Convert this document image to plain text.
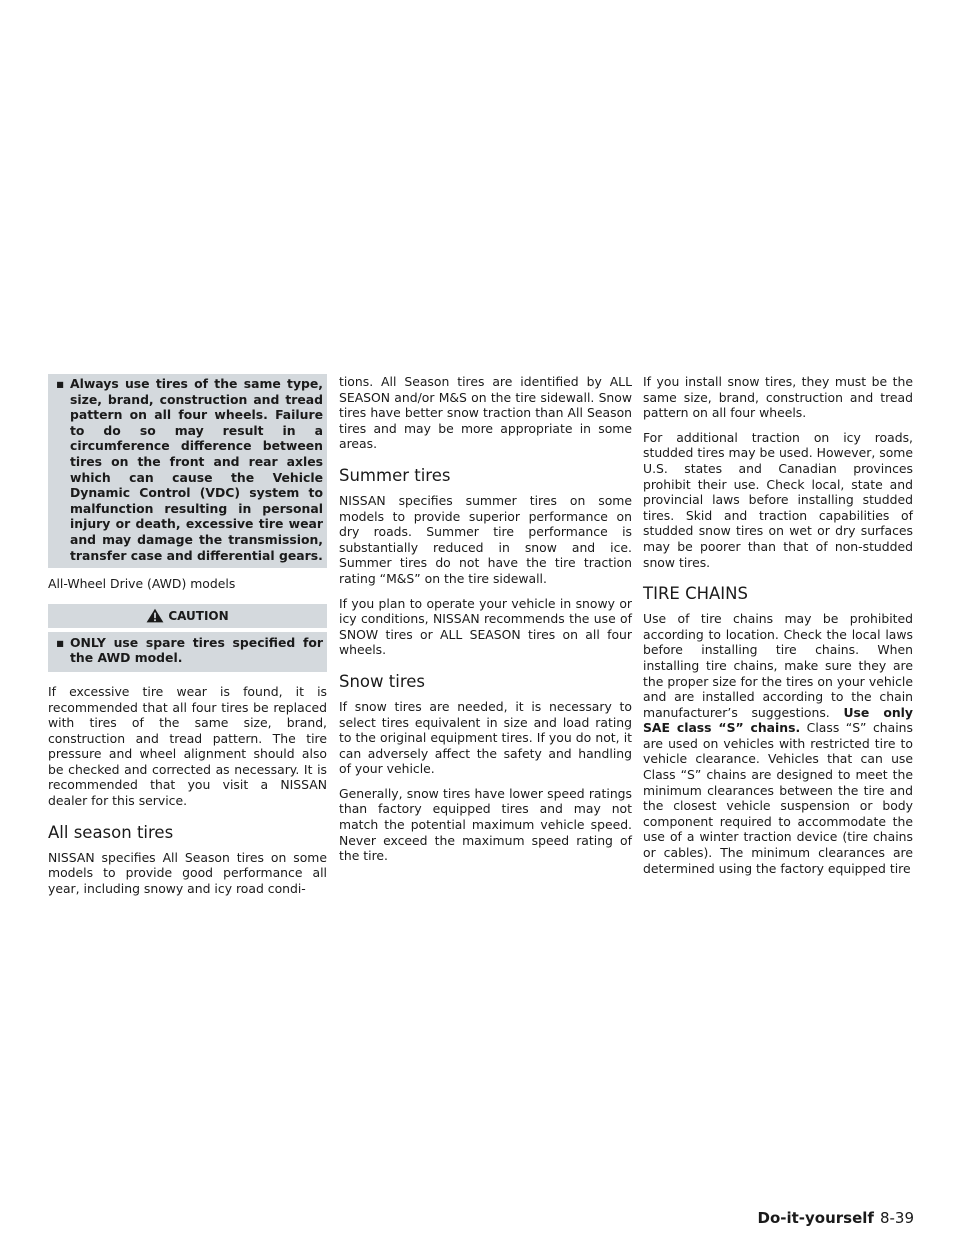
▪ Always use tires of the same type, size, brand, construction and tread pattern on all four wheels. Failure to do so may result in a circumference difference between tires on the front and rear axles which can cause the Vehicle Dynamic Control (VDC) system to malfunction resulting in personal injury or death, excessive tire wear and may damage the transmission, transfer case and differential gears.

All-Wheel Drive (AWD) models

CAUTION
▪ ONLY use spare tires specified for the AWD model.

If excessive tire wear is found, it is recommended that all four tires be replaced with tires of the same size, brand, construction and tread pattern. The tire pressure and wheel alignment should also be checked and corrected as necessary. It is recommended that you visit a NISSAN dealer for this service.

All season tires

NISSAN specifies All Season tires on some models to provide good performance all year, including snowy and icy road condi-

tions. All Season tires are identified by ALL SEASON and/or M&S on the tire sidewall. Snow tires have better snow traction than All Season tires and may be more appropriate in some areas.

Summer tires

NISSAN specifies summer tires on some models to provide superior performance on dry roads. Summer tire performance is substantially reduced in snow and ice. Summer tires do not have the tire traction rating “M&S” on the tire sidewall.

If you plan to operate your vehicle in snowy or icy conditions, NISSAN recommends the use of SNOW tires or ALL SEASON tires on all four wheels.

Snow tires

If snow tires are needed, it is necessary to select tires equivalent in size and load rating to the original equipment tires. If you do not, it can adversely affect the safety and handling of your vehicle.

Generally, snow tires have lower speed ratings than factory equipped tires and may not match the potential maximum vehicle speed. Never exceed the maximum speed rating of the tire.

If you install snow tires, they must be the same size, brand, construction and tread pattern on all four wheels.

For additional traction on icy roads, studded tires may be used. However, some U.S. states and Canadian provinces prohibit their use. Check local, state and provincial laws before installing studded tires. Skid and traction capabilities of studded snow tires on wet or dry surfaces may be poorer than that of non-studded snow tires.

TIRE CHAINS

Use of tire chains may be prohibited according to location. Check the local laws before installing tire chains. When installing tire chains, make sure they are the proper size for the tires on your vehicle and are installed according to the chain manufacturer’s suggestions. Use only SAE class “S” chains. Class “S” chains are used on vehicles with restricted tire to vehicle clearance. Vehicles that can use Class “S” chains are designed to meet the minimum clearances between the tire and the closest vehicle suspension or body component required to accommodate the use of a winter traction device (tire chains or cables). The minimum clearances are determined using the factory equipped tire

Do-it-yourself 8-39
